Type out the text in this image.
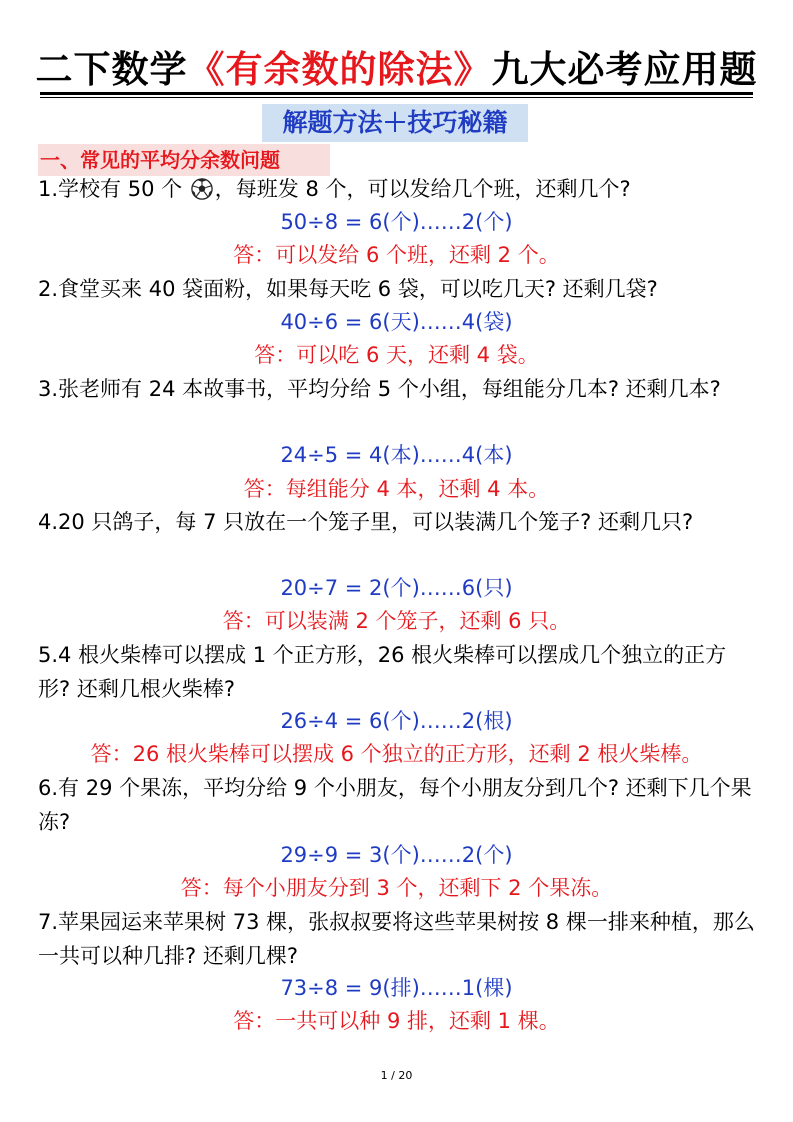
二下数学《有余数的除法》九大必考应用题
解题方法＋技巧秘籍
一、常见的平均分余数问题
1.学校有 50 个 ，每班发 8 个，可以发给几个班，还剩几个?
50÷8 = 6(个)……2(个)
答：可以发给 6 个班，还剩 2 个。
2.食堂买来 40 袋面粉，如果每天吃 6 袋，可以吃几天? 还剩几袋?
40÷6 = 6(天)……4(袋)
答：可以吃 6 天，还剩 4 袋。
3.张老师有 24 本故事书，平均分给 5 个小组，每组能分几本? 还剩几本?
24÷5 = 4(本)……4(本)
答：每组能分 4 本，还剩 4 本。
4.20 只鸽子，每 7 只放在一个笼子里，可以装满几个笼子? 还剩几只?
20÷7 = 2(个)……6(只)
答：可以装满 2 个笼子，还剩 6 只。
5.4 根火柴棒可以摆成 1 个正方形，26 根火柴棒可以摆成几个独立的正方形? 还剩几根火柴棒?
26÷4 = 6(个)……2(根)
答：26 根火柴棒可以摆成 6 个独立的正方形，还剩 2 根火柴棒。
6.有 29 个果冻，平均分给 9 个小朋友，每个小朋友分到几个? 还剩下几个果冻?
29÷9 = 3(个)……2(个)
答：每个小朋友分到 3 个，还剩下 2 个果冻。
7.苹果园运来苹果树 73 棵，张叔叔要将这些苹果树按 8 棵一排来种植，那么一共可以种几排? 还剩几棵?
73÷8 = 9(排)……1(棵)
答：一共可以种 9 排，还剩 1 棵。
1 / 20
